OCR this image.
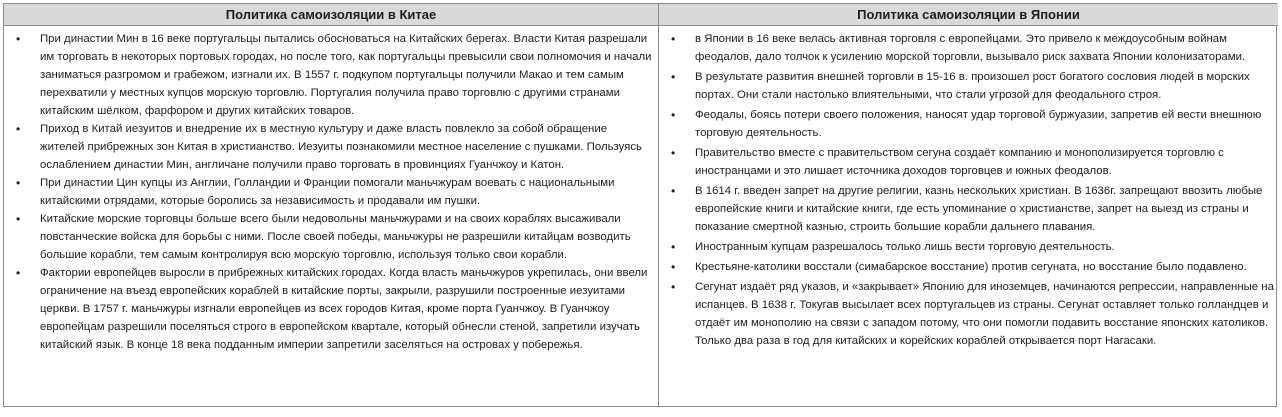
Политика самоизоляции в Китае	Политика самоизоляции в Японии
• При династии Мин в 16 веке португальцы пытались обосноваться на Китайских берегах. Власти Китая разрешали им торговать в некоторых портовых городах, но после того, как португальцы превысили свои полномочия и начали заниматься разгромом и грабежом, изгнали их. В 1557 г. подкупом португальцы получили Макао и тем самым перехватили у местных купцов морскую торговлю. Португалия получила право торговлю с другими странами китайским шёлком, фарфором и других китайских товаров.
• Приход в Китай иезуитов и внедрение их в местную культуру и даже власть повлекло за собой обращение жителей прибрежных зон Китая в христианство. Иезуиты познакомили местное население с пушками. Пользуясь ослаблением династии Мин, англичане получили право торговать в провинциях Гуанчжоу и Катон.
• При династии Цин купцы из Англии, Голландии и Франции помогали маньчжурам воевать с национальными китайскими отрядами, которые боролись за независимость и продавали им пушки.
• Китайские морские торговцы больше всего были недовольны маньчжурами и на своих кораблях высаживали повстанческие войска для борьбы с ними. После своей победы, маньчжуры не разрешили китайцам возводить большие корабли, тем самым контролируя всю морскую торговлю, используя только свои корабли.
• Фактории европейцев выросли в прибрежных китайских городах. Когда власть маньчжуров укрепилась, они ввели ограничение на въезд европейских кораблей в китайские порты, закрыли, разрушили построенные иезуитами церкви. В 1757 г. маньчжуры изгнали европейцев из всех городов Китая, кроме порта Гуанчжоу. В Гуанчжоу европейцам разрешили поселяться строго в европейском квартале, который обнесли стеной, запретили изучать китайский язык. В конце 18 века подданным империи запретили заселяться на островах у побережья.
• в Японии в 16 веке велась активная торговля с европейцами. Это привело к междоусобным войнам феодалов, дало толчок к усилению морской торговли, вызывало риск захвата Японии колонизаторами.
• В результате развития внешней торговли в 15-16 в. произошел рост богатого сословия людей в морских портах. Они стали настолько влиятельными, что стали угрозой для феодального строя.
• Феодалы, боясь потери своего положения, наносят удар торговой буржуазии, запретив ей вести внешнюю торговую деятельность.
• Правительство вместе с правительством сегуна создаёт компанию и монополизируется торговлю с иностранцами и это лишает источника доходов торговцев и южных феодалов.
• В 1614 г. введен запрет на другие религии, казнь нескольких христиан. В 1636г. запрещают ввозить любые европейские книги и китайские книги, где есть упоминание о христианстве, запрет на выезд из страны и показание смертной казнью, строить большие корабли дальнего плавания.
• Иностранным купцам разрешалось только лишь вести торговую деятельность.
• Крестьяне-католики восстали (симабарское восстание) против сегуната, но восстание было подавлено.
• Сегунат издаёт ряд указов, и «закрывает» Японию для иноземцев, начинаются репрессии, направленные на испанцев. В 1638 г. Токугав высылает всех португальцев из страны. Сегунат оставляет только голландцев и отдаёт им монополию на связи с западом потому, что они помогли подавить восстание японских католиков. Только два раза в год для китайских и корейских кораблей открывается порт Нагасаки.
